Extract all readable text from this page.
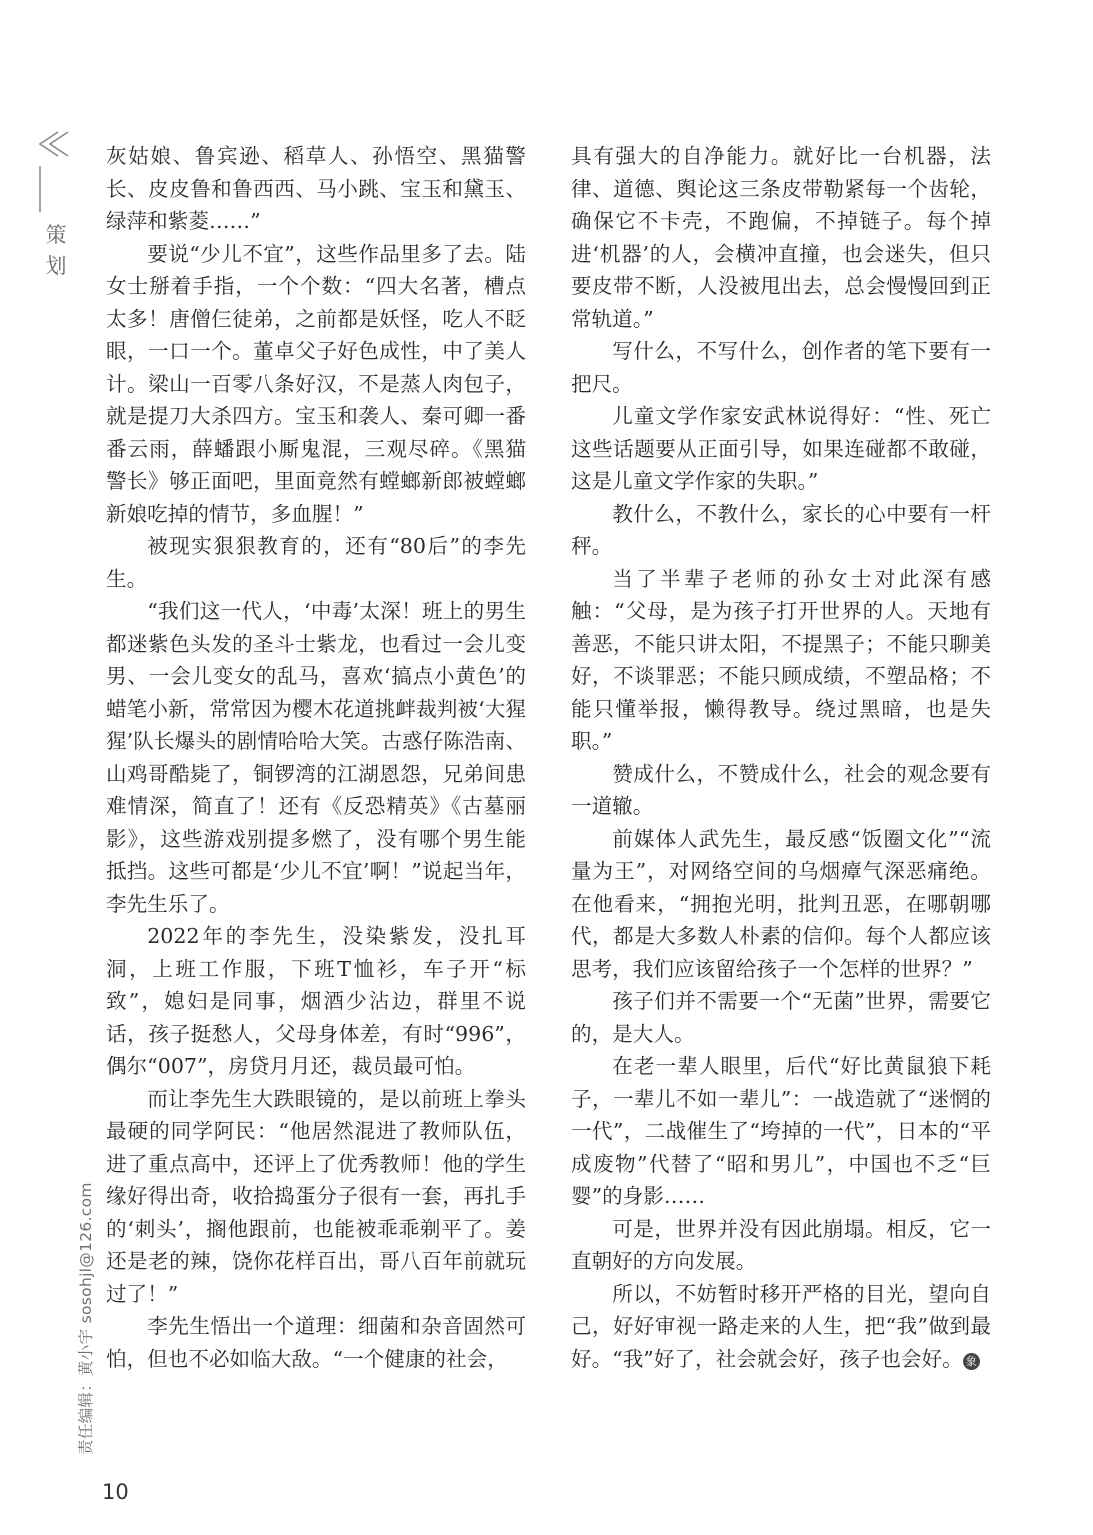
策
划
责任编辑：黄小宇 sosohjl@126.com
10

灰姑娘、鲁宾逊、稻草人、孙悟空、黑猫警长、皮皮鲁和鲁西西、马小跳、宝玉和黛玉、绿萍和紫菱……”

要说“少儿不宜”，这些作品里多了去。陆女士掰着手指，一个个数：“四大名著，槽点太多！唐僧仨徒弟，之前都是妖怪，吃人不眨眼，一口一个。董卓父子好色成性，中了美人计。梁山一百零八条好汉，不是蒸人肉包子，就是提刀大杀四方。宝玉和袭人、秦可卿一番番云雨，薛蟠跟小厮鬼混，三观尽碎。《黑猫警长》够正面吧，里面竟然有螳螂新郎被螳螂新娘吃掉的情节，多血腥！”

被现实狠狠教育的，还有“80后”的李先生。

“我们这一代人，‘中毒’太深！班上的男生都迷紫色头发的圣斗士紫龙，也看过一会儿变男、一会儿变女的乱马，喜欢‘搞点小黄色’的蜡笔小新，常常因为樱木花道挑衅裁判被‘大猩猩’队长爆头的剧情哈哈大笑。古惑仔陈浩南、山鸡哥酷毙了，铜锣湾的江湖恩怨，兄弟间患难情深，简直了！还有《反恐精英》《古墓丽影》，这些游戏别提多燃了，没有哪个男生能抵挡。这些可都是‘少儿不宜’啊！”说起当年，李先生乐了。

2022年的李先生，没染紫发，没扎耳洞，上班工作服，下班T恤衫，车子开“标致”，媳妇是同事，烟酒少沾边，群里不说话，孩子挺愁人，父母身体差，有时“996”，偶尔“007”，房贷月月还，裁员最可怕。

而让李先生大跌眼镜的，是以前班上拳头最硬的同学阿民：“他居然混进了教师队伍，进了重点高中，还评上了优秀教师！他的学生缘好得出奇，收拾捣蛋分子很有一套，再扎手的‘刺头’，搁他跟前，也能被乖乖剃平了。姜还是老的辣，饶你花样百出，哥八百年前就玩过了！”

李先生悟出一个道理：细菌和杂音固然可怕，但也不必如临大敌。“一个健康的社会，

具有强大的自净能力。就好比一台机器，法律、道德、舆论这三条皮带勒紧每一个齿轮，确保它不卡壳，不跑偏，不掉链子。每个掉进‘机器’的人，会横冲直撞，也会迷失，但只要皮带不断，人没被甩出去，总会慢慢回到正常轨道。”

写什么，不写什么，创作者的笔下要有一把尺。

儿童文学作家安武林说得好：“性、死亡这些话题要从正面引导，如果连碰都不敢碰，这是儿童文学作家的失职。”

教什么，不教什么，家长的心中要有一杆秤。

当了半辈子老师的孙女士对此深有感触：“父母，是为孩子打开世界的人。天地有善恶，不能只讲太阳，不提黑子；不能只聊美好，不谈罪恶；不能只顾成绩，不塑品格；不能只懂举报，懒得教导。绕过黑暗，也是失职。”

赞成什么，不赞成什么，社会的观念要有一道辙。

前媒体人武先生，最反感“饭圈文化”“流量为王”，对网络空间的乌烟瘴气深恶痛绝。在他看来，“拥抱光明，批判丑恶，在哪朝哪代，都是大多数人朴素的信仰。每个人都应该思考，我们应该留给孩子一个怎样的世界？”

孩子们并不需要一个“无菌”世界，需要它的，是大人。

在老一辈人眼里，后代“好比黄鼠狼下耗子，一辈儿不如一辈儿”：一战造就了“迷惘的一代”，二战催生了“垮掉的一代”，日本的“平成废物”代替了“昭和男儿”，中国也不乏“巨婴”的身影……

可是，世界并没有因此崩塌。相反，它一直朝好的方向发展。

所以，不妨暂时移开严格的目光，望向自己，好好审视一路走来的人生，把“我”做到最好。“我”好了，社会就会好，孩子也会好。 象
